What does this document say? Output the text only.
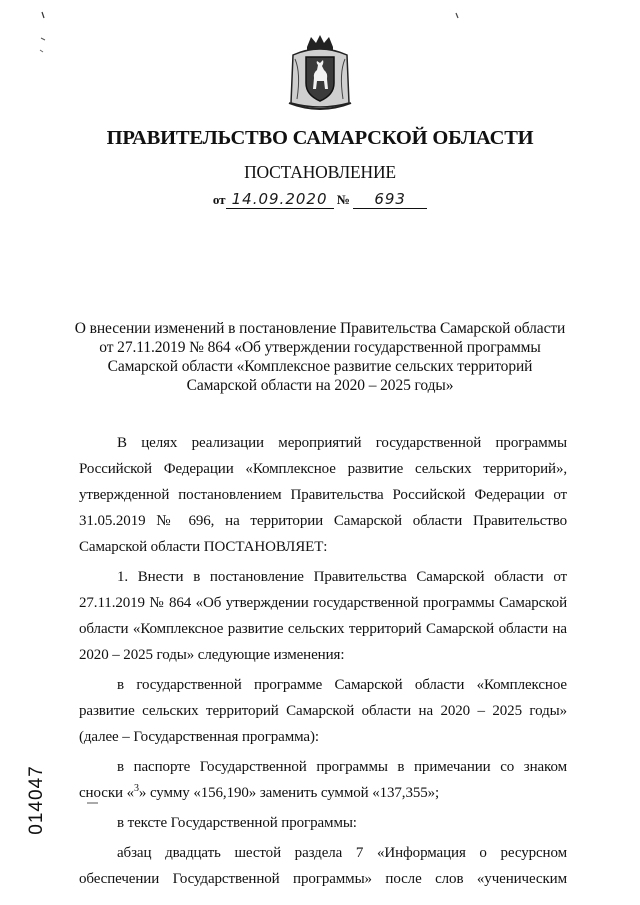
ПРАВИТЕЛЬСТВО САМАРСКОЙ ОБЛАСТИ
ПОСТАНОВЛЕНИЕ
от 14.09.2020 № 693
О внесении изменений в постановление Правительства Самарской области
от 27.11.2019 № 864 «Об утверждении государственной программы
Самарской области «Комплексное развитие сельских территорий
Самарской области на 2020 – 2025 годы»

В целях реализации мероприятий государственной программы Российской Федерации «Комплексное развитие сельских территорий», утвержденной постановлением Правительства Российской Федерации от 31.05.2019 № 696, на территории Самарской области Правительство Самарской области ПОСТАНОВЛЯЕТ:

1. Внести в постановление Правительства Самарской области от 27.11.2019 № 864 «Об утверждении государственной программы Самарской области «Комплексное развитие сельских территорий Самарской области на 2020 – 2025 годы» следующие изменения:

в государственной программе Самарской области «Комплексное развитие сельских территорий Самарской области на 2020 – 2025 годы» (далее – Государственная программа):

в паспорте Государственной программы в примечании со знаком сноски «$^3$» сумму «156,190» заменить суммой «137,355»;

в тексте Государственной программы:

абзац двадцать шестой раздела 7 «Информация о ресурсном обеспечении Государственной программы» после слов «ученическим

014047
